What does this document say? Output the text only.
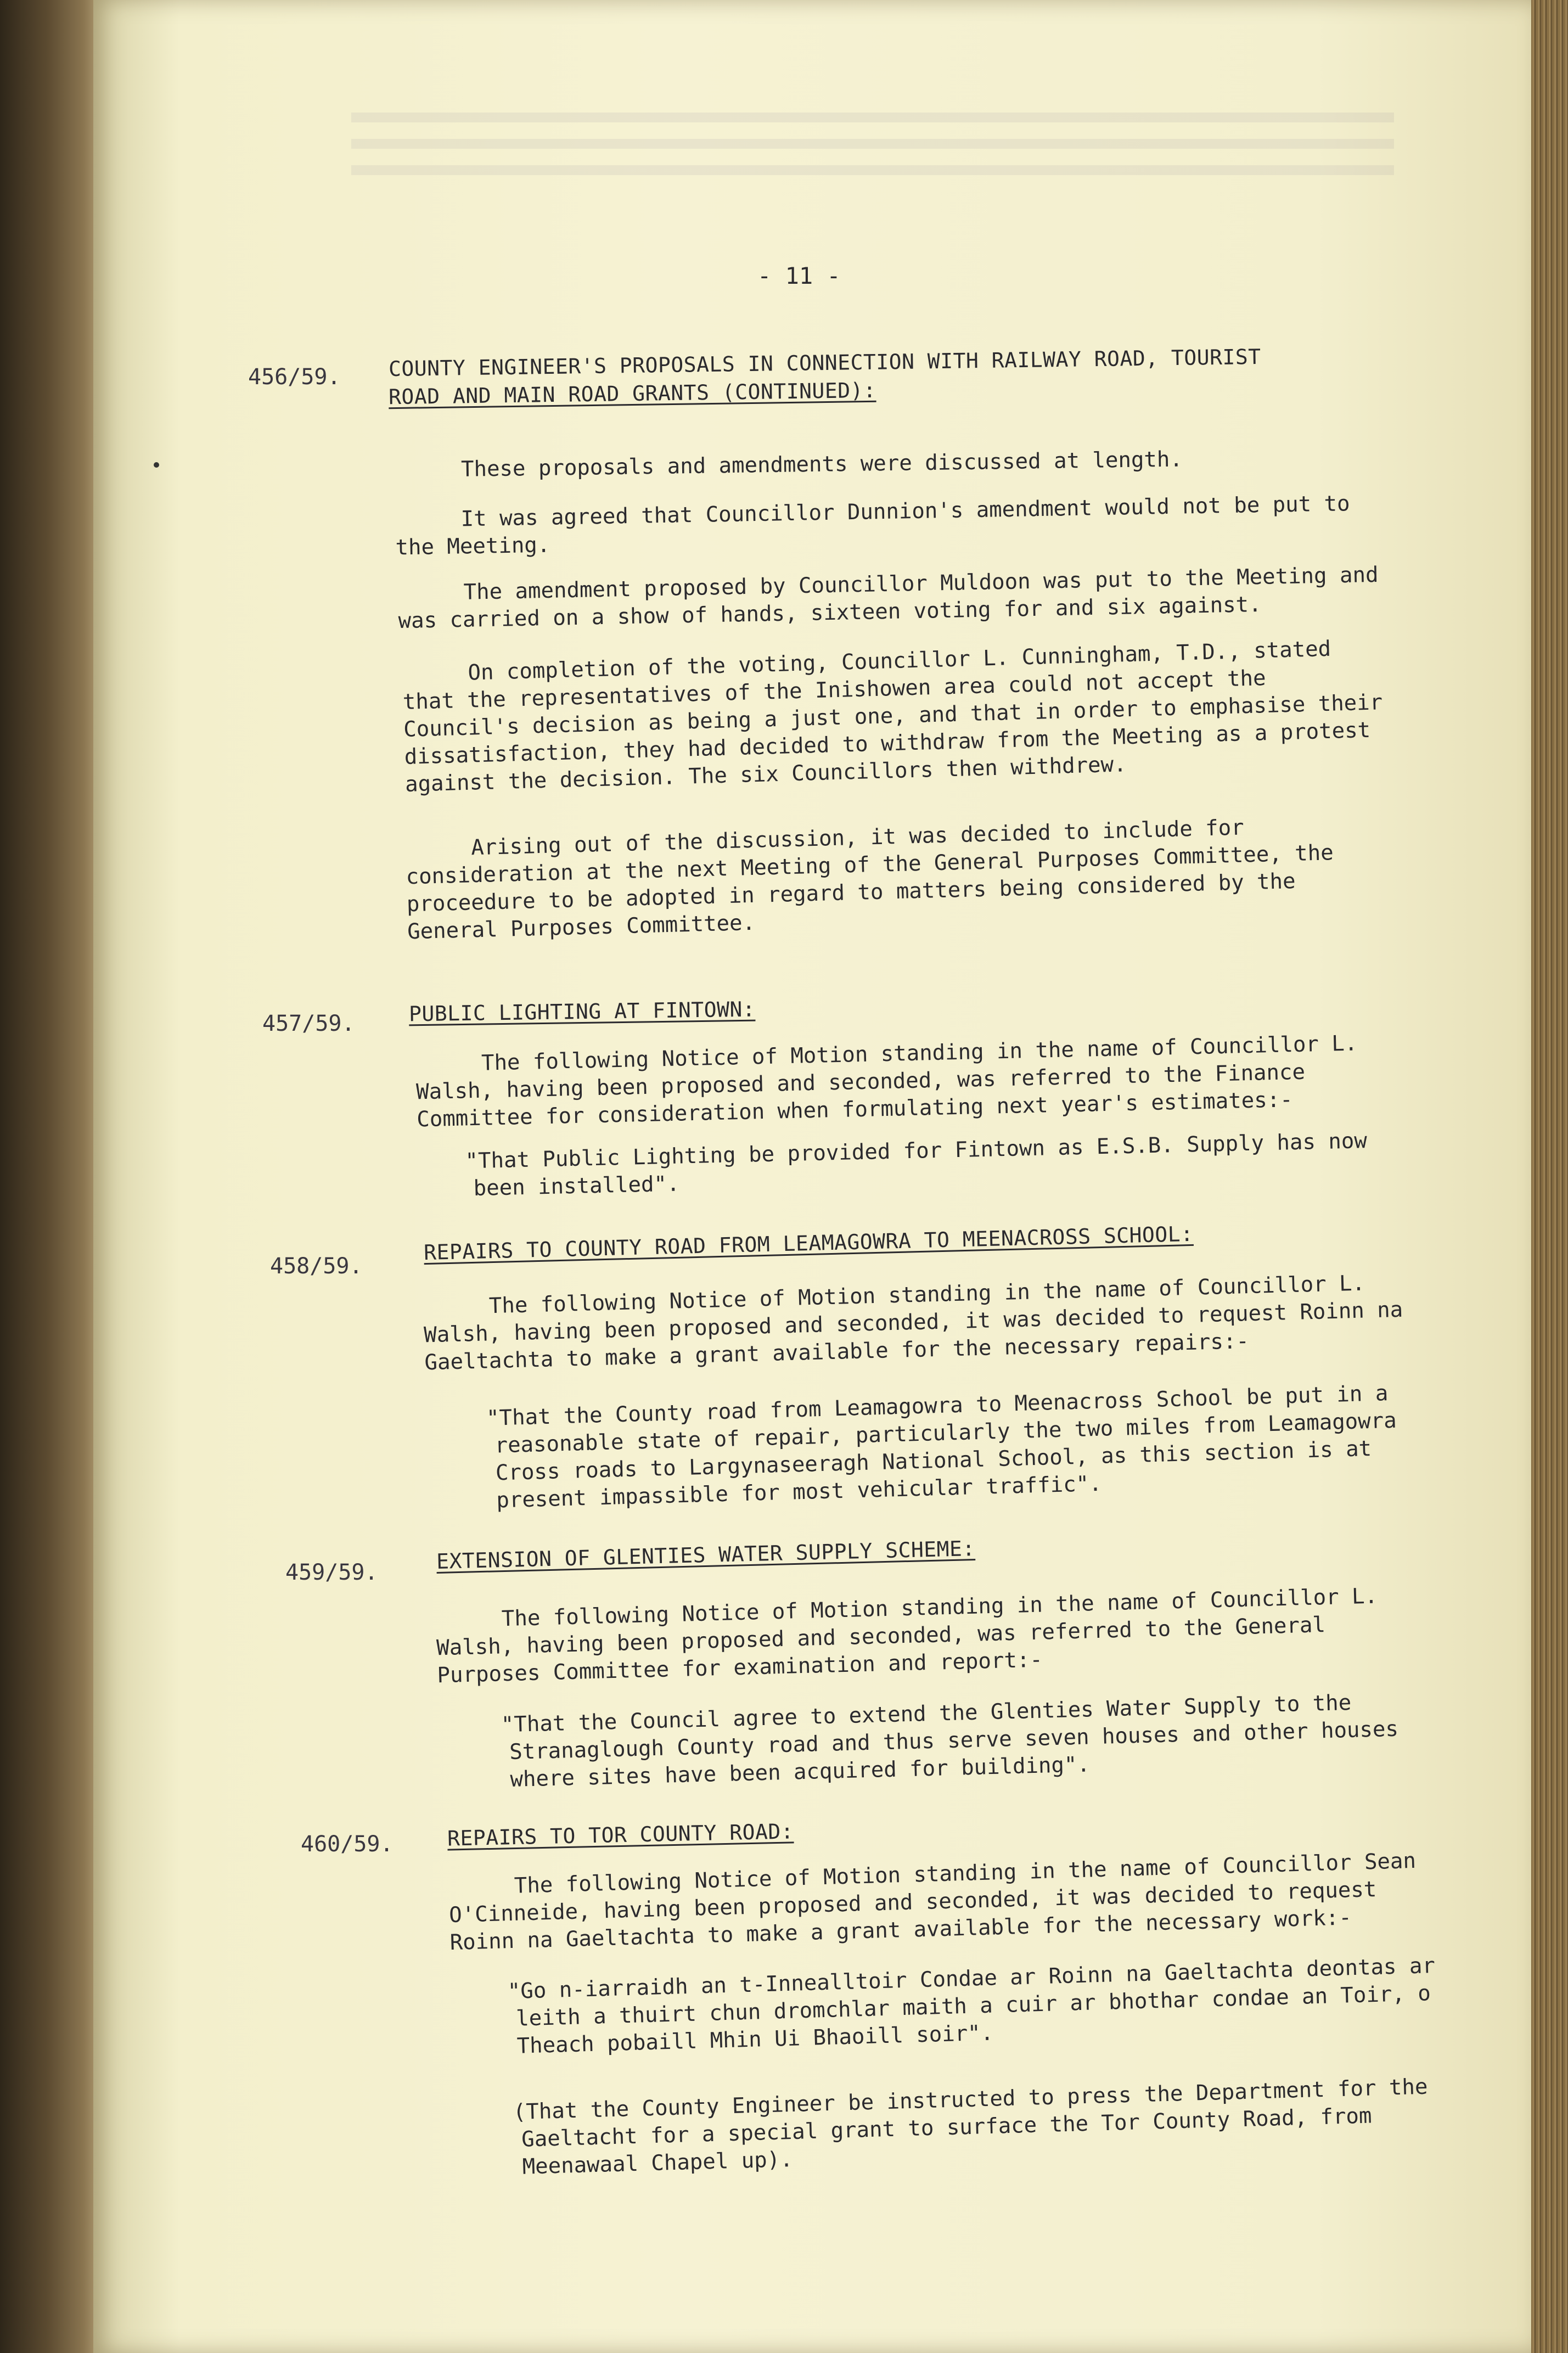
- 11 -
456/59. COUNTY ENGINEER'S PROPOSALS IN CONNECTION WITH RAILWAY ROAD, TOURIST
ROAD AND MAIN ROAD GRANTS (CONTINUED):
These proposals and amendments were discussed at length.
It was agreed that Councillor Dunnion's amendment would not be put to the Meeting.
The amendment proposed by Councillor Muldoon was put to the Meeting and was carried on a show of hands, sixteen voting for and six against.
On completion of the voting, Councillor L. Cunningham, T.D., stated that the representatives of the Inishowen area could not accept the Council's decision as being a just one, and that in order to emphasise their dissatisfaction, they had decided to withdraw from the Meeting as a protest against the decision. The six Councillors then withdrew.
Arising out of the discussion, it was decided to include for consideration at the next Meeting of the General Purposes Committee, the proceedure to be adopted in regard to matters being considered by the General Purposes Committee.
457/59.	PUBLIC LIGHTING AT FINTOWN:
The following Notice of Motion standing in the name of Councillor L. Walsh, having been proposed and seconded, was referred to the Finance Committee for consideration when formulating next year's estimates:-
"That Public Lighting be provided for Fintown as E.S.B. Supply has now been installed".
458/59.
REPAIRS TO COUNTY ROAD FROM LEAMAGOWRA TO MEENACROSS SCHOOL:
The following Notice of Motion standing in the name of Councillor L. Walsh, having been proposed and seconded, it was decided to request Roinn na Gaeltachta to make a grant available for the necessary repairs:-
"That the County road from Leamagowra to Meenacross School be put in a reasonable state of repair, particularly the two miles from Leamagowra Cross roads to Largynaseeragh National School, as this section is at present impassible for most vehicular traffic".
459/59.	EXTENSION OF GLENTIES WATER SUPPLY SCHEME:
The following Notice of Motion standing in the name of Councillor L. Walsh, having been proposed and seconded, was referred to the General Purposes Committee for examination and report:-
"That the Council agree to extend the Glenties Water Supply to the Stranaglough County road and thus serve seven houses and other houses where sites have been acquired for building".
460/59.	REPAIRS TO TOR COUNTY ROAD:
The following Notice of Motion standing in the name of Councillor Sean O'Cinneide, having been proposed and seconded, it was decided to request Roinn na Gaeltachta to make a grant available for the necessary work:-
"Go n-iarraidh an t-Innealltoir Condae ar Roinn na Gaeltachta deontas ar leith a thuirt chun dromchlar maith a cuir ar bhothar condae an Toir, o Theach pobaill Mhin Ui Bhaoill soir".
(That the County Engineer be instructed to press the Department for the Gaeltacht for a special grant to surface the Tor County Road, from Meenawaal Chapel up).
